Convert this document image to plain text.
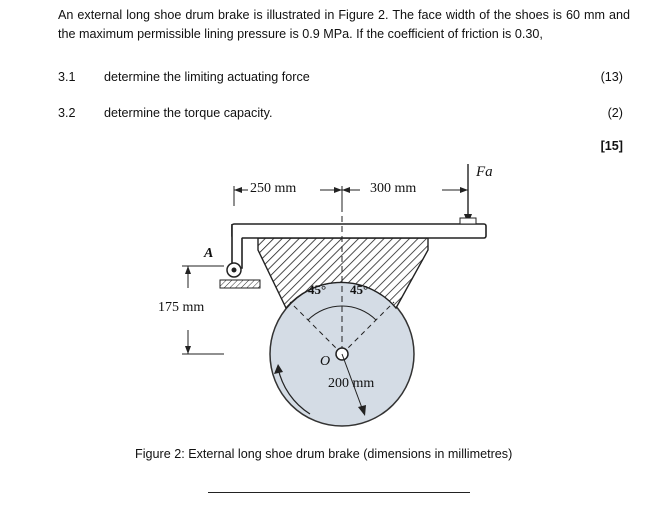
An external long shoe drum brake is illustrated in Figure 2. The face width of the shoes is 60 mm and the maximum permissible lining pressure is 0.9 MPa. If the coefficient of friction is 0.30,
3.1 determine the limiting actuating force	(13)
3.2 determine the torque capacity.	(2)
[15]
250 mm	300 mm
Fa
A
175 mm
45° 45°
O
200 mm
Figure 2: External long shoe drum brake (dimensions in millimetres)
